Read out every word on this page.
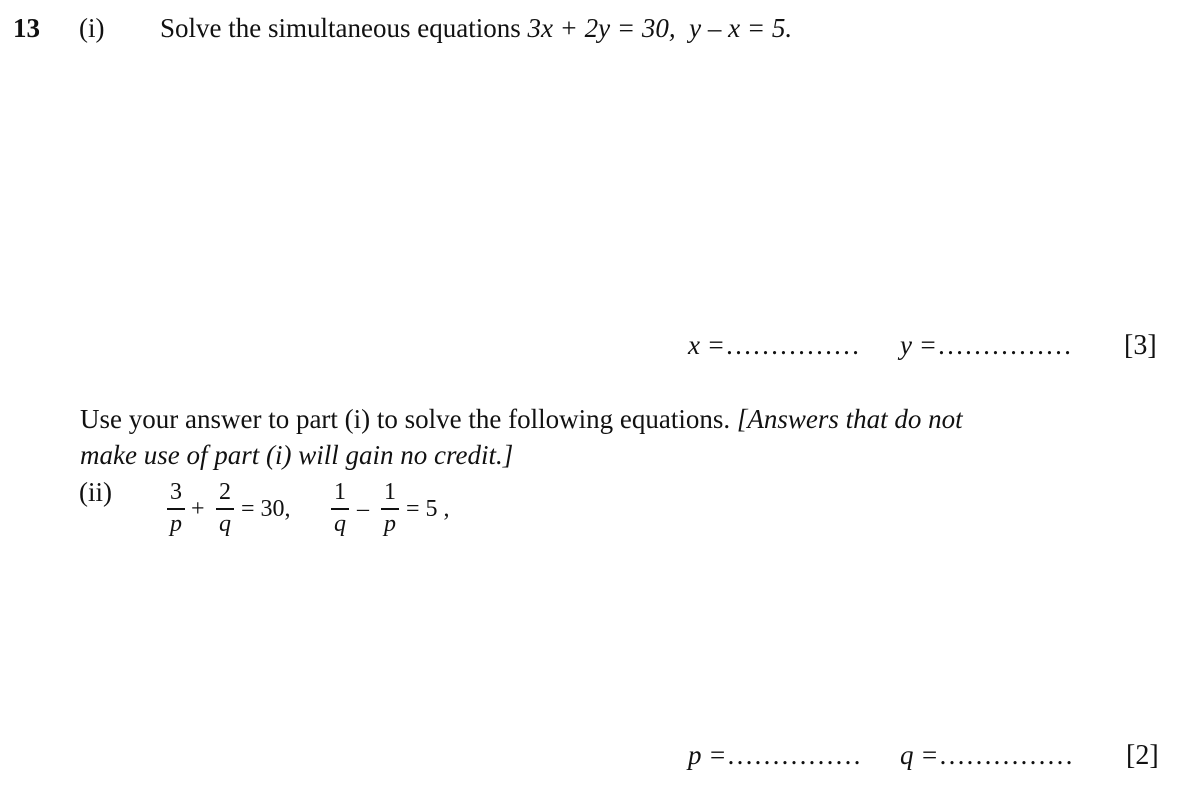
13 (i) Solve the simultaneous equations 3x + 2y = 30, y – x = 5.
x =…………… y =…………… [3]
Use your answer to part (i) to solve the following equations. [Answers that do not
make use of part (i) will gain no credit.]
(ii) 3
p
+
2
q
= 30,
1
q
–
1
p
= 5 ,
p =…………… q =…………… [2]
